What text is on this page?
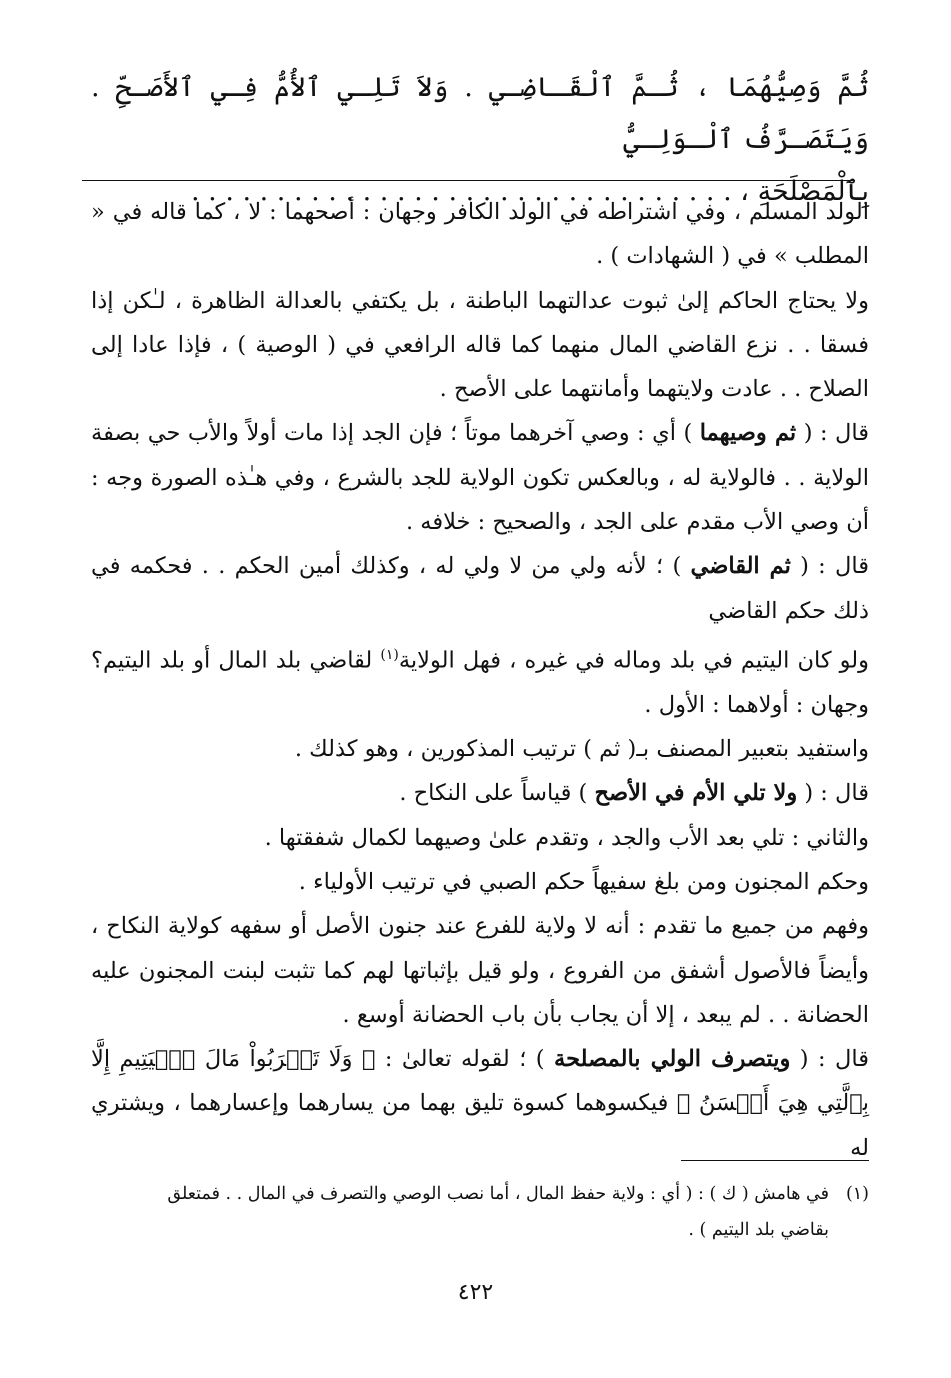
ثُمَّ وَصِيُّهُمَا ، ثُـمَّ ٱلْقَـاضِـي . وَلاَ تَلِـي ٱلأُمُّ فِـي ٱلأَصَـحِّ . وَيَتَصَـرَّفُ ٱلْـوَلِـيُّ
بِٱلْمَصْلَحَةِ ، . . . . . . . . . . . . . . . . . . . . . . . . . . . . . . . .

الولد المسلم ، وفي اشتراطه في الولد الكافر وجهان : أصحهما : لا ، كما قاله في « المطلب » في ( الشهادات ) .

ولا يحتاج الحاكم إلىٰ ثبوت عدالتهما الباطنة ، بل يكتفي بالعدالة الظاهرة ، لـٰكن إذا فسقا . . نزع القاضي المال منهما كما قاله الرافعي في ( الوصية ) ، فإذا عادا إلى الصلاح . . عادت ولايتهما وأمانتهما على الأصح .

قال : ( ثم وصيهما ) أي : وصي آخرهما موتاً ؛ فإن الجد إذا مات أولاً والأب حي بصفة الولاية . . فالولاية له ، وبالعكس تكون الولاية للجد بالشرع ، وفي هـٰذه الصورة وجه : أن وصي الأب مقدم على الجد ، والصحيح : خلافه .

قال : ( ثم القاضي ) ؛ لأنه ولي من لا ولي له ، وكذلك أمين الحكم . . فحكمه في ذلك حكم القاضي

ولو كان اليتيم في بلد وماله في غيره ، فهل الولاية$^{(١)}$ لقاضي بلد المال أو بلد اليتيم؟ وجهان : أولاهما : الأول .

واستفيد بتعبير المصنف بـ( ثم ) ترتيب المذكورين ، وهو كذلك .

قال : ( ولا تلي الأم في الأصح ) قياساً على النكاح .

والثاني : تلي بعد الأب والجد ، وتقدم علىٰ وصيهما لكمال شفقتها .

وحكم المجنون ومن بلغ سفيهاً حكم الصبي في ترتيب الأولياء .

وفهم من جميع ما تقدم : أنه لا ولاية للفرع عند جنون الأصل أو سفهه كولاية النكاح ، وأيضاً فالأصول أشفق من الفروع ، ولو قيل بإثباتها لهم كما تثبت لبنت المجنون عليه الحضانة . . لم يبعد ، إلا أن يجاب بأن باب الحضانة أوسع .

قال : ( ويتصرف الولي بالمصلحة ) ؛ لقوله تعالىٰ : ﴿ وَلَا تَقۡرَبُواْ مَالَ ٱلۡيَتِيمِ إِلَّا بِٱلَّتِي هِيَ أَحۡسَنُ ﴾ فيكسوهما كسوة تليق بهما من يسارهما وإعسارهما ، ويشتري له

(١)في هامش ( ك ) : ( أي : ولاية حفظ المال ، أما نصب الوصي والتصرف في المال . . فمتعلق

بقاضي بلد اليتيم ) .

٤٢٢
